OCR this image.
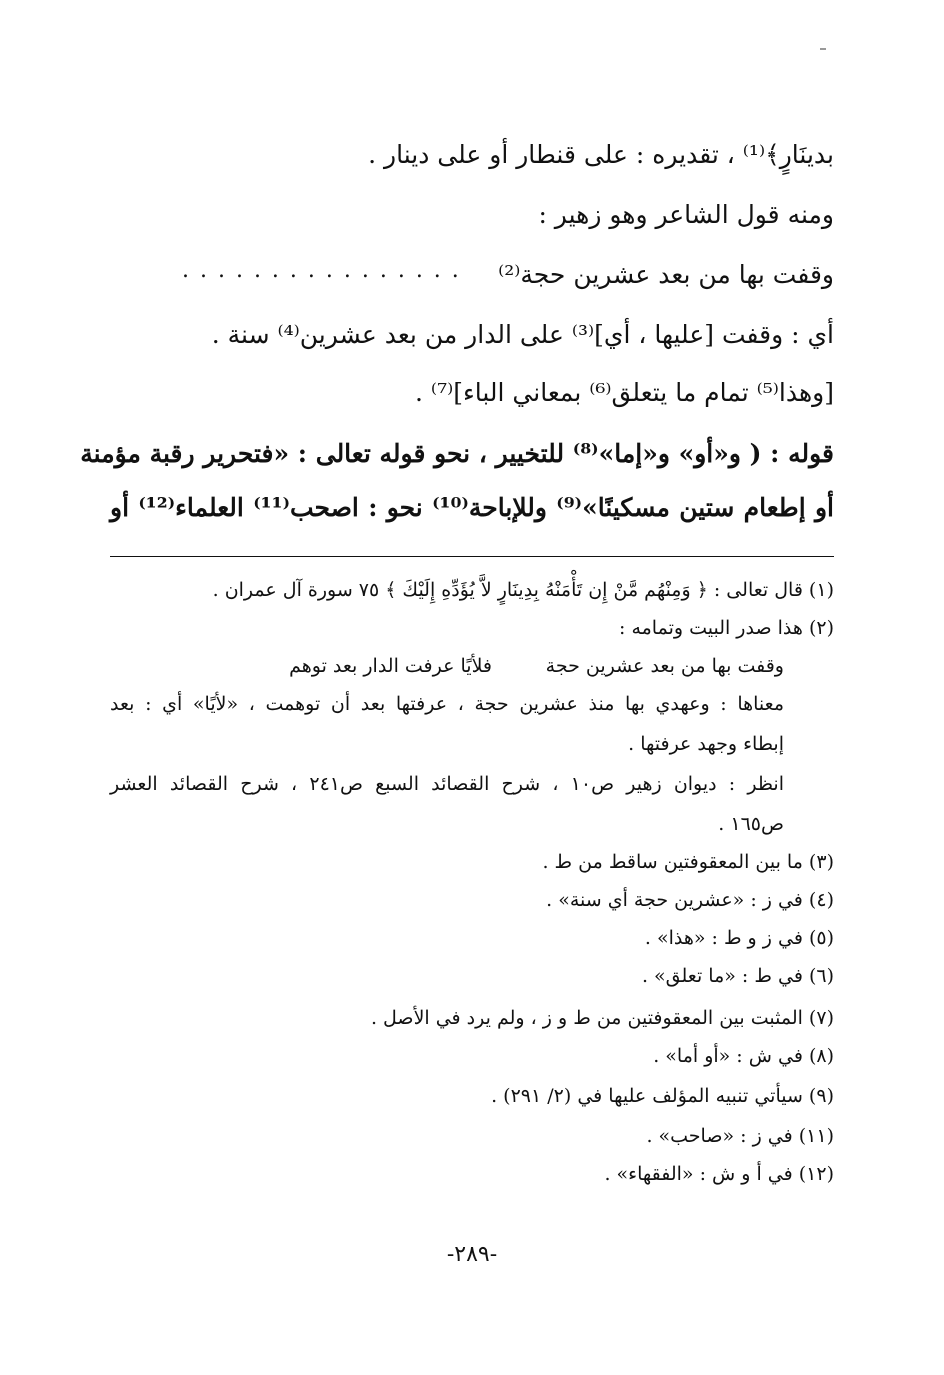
بدينَارٍ﴾⁽¹⁾ ، تقديره : على قنطار أو على دينار .
ومنه قول الشاعر وهو زهير :
وقفت بها من بعد عشرين حجة⁽²⁾
. . . . . . . . . . . . . . . .
أي : وقفت [عليها ، أي]⁽³⁾ على الدار من بعد عشرين⁽⁴⁾ سنة .
[وهذا⁽⁵⁾ تمام ما يتعلق⁽⁶⁾ بمعاني الباء]⁽⁷⁾ .
قوله : ( و«أو» و«إما»⁽⁸⁾ للتخيير ، نحو قوله تعالى : «فتحرير رقبة مؤمنة
أو إطعام ستين مسكينًا»⁽⁹⁾ وللإباحة⁽¹⁰⁾ نحو : اصحب⁽¹¹⁾ العلماء⁽¹²⁾ أو
(١) قال تعالى : ﴿ وَمِنْهُم مَّنْ إِن تَأْمَنْهُ بِدِينَارٍ لاَّ يُؤَدِّهِ إِلَيْكَ ﴾ ٧٥ سورة آل عمران .
(٢) هذا صدر البيت وتمامه :
وقفت بها من بعد عشرين حجة
فلأيًا عرفت الدار بعد توهم
معناها : وعهدي بها منذ عشرين حجة ، عرفتها بعد أن توهمت ، «لأيًا» أي : بعد
إبطاء وجهد عرفتها .
انظر : ديوان زهير ص١٠ ، شرح القصائد السبع ص٢٤١ ، شرح القصائد العشر
ص١٦٥ .
(٣) ما بين المعقوفتين ساقط من ط .
(٤) في ز : «عشرين حجة أي سنة» .
(٥) في ز و ط : «هذا» .
(٦) في ط : «ما تعلق» .
(٧) المثبت بين المعقوفتين من ط و ز ، ولم يرد في الأصل .
(٨) في ش : «أو أما» .
(٩) سيأتي تنبيه المؤلف عليها في (٢/ ٢٩١) .
(١١) في ز : «صاحب» .
(١٢) في أ و ش : «الفقهاء» .
-٢٨٩-
